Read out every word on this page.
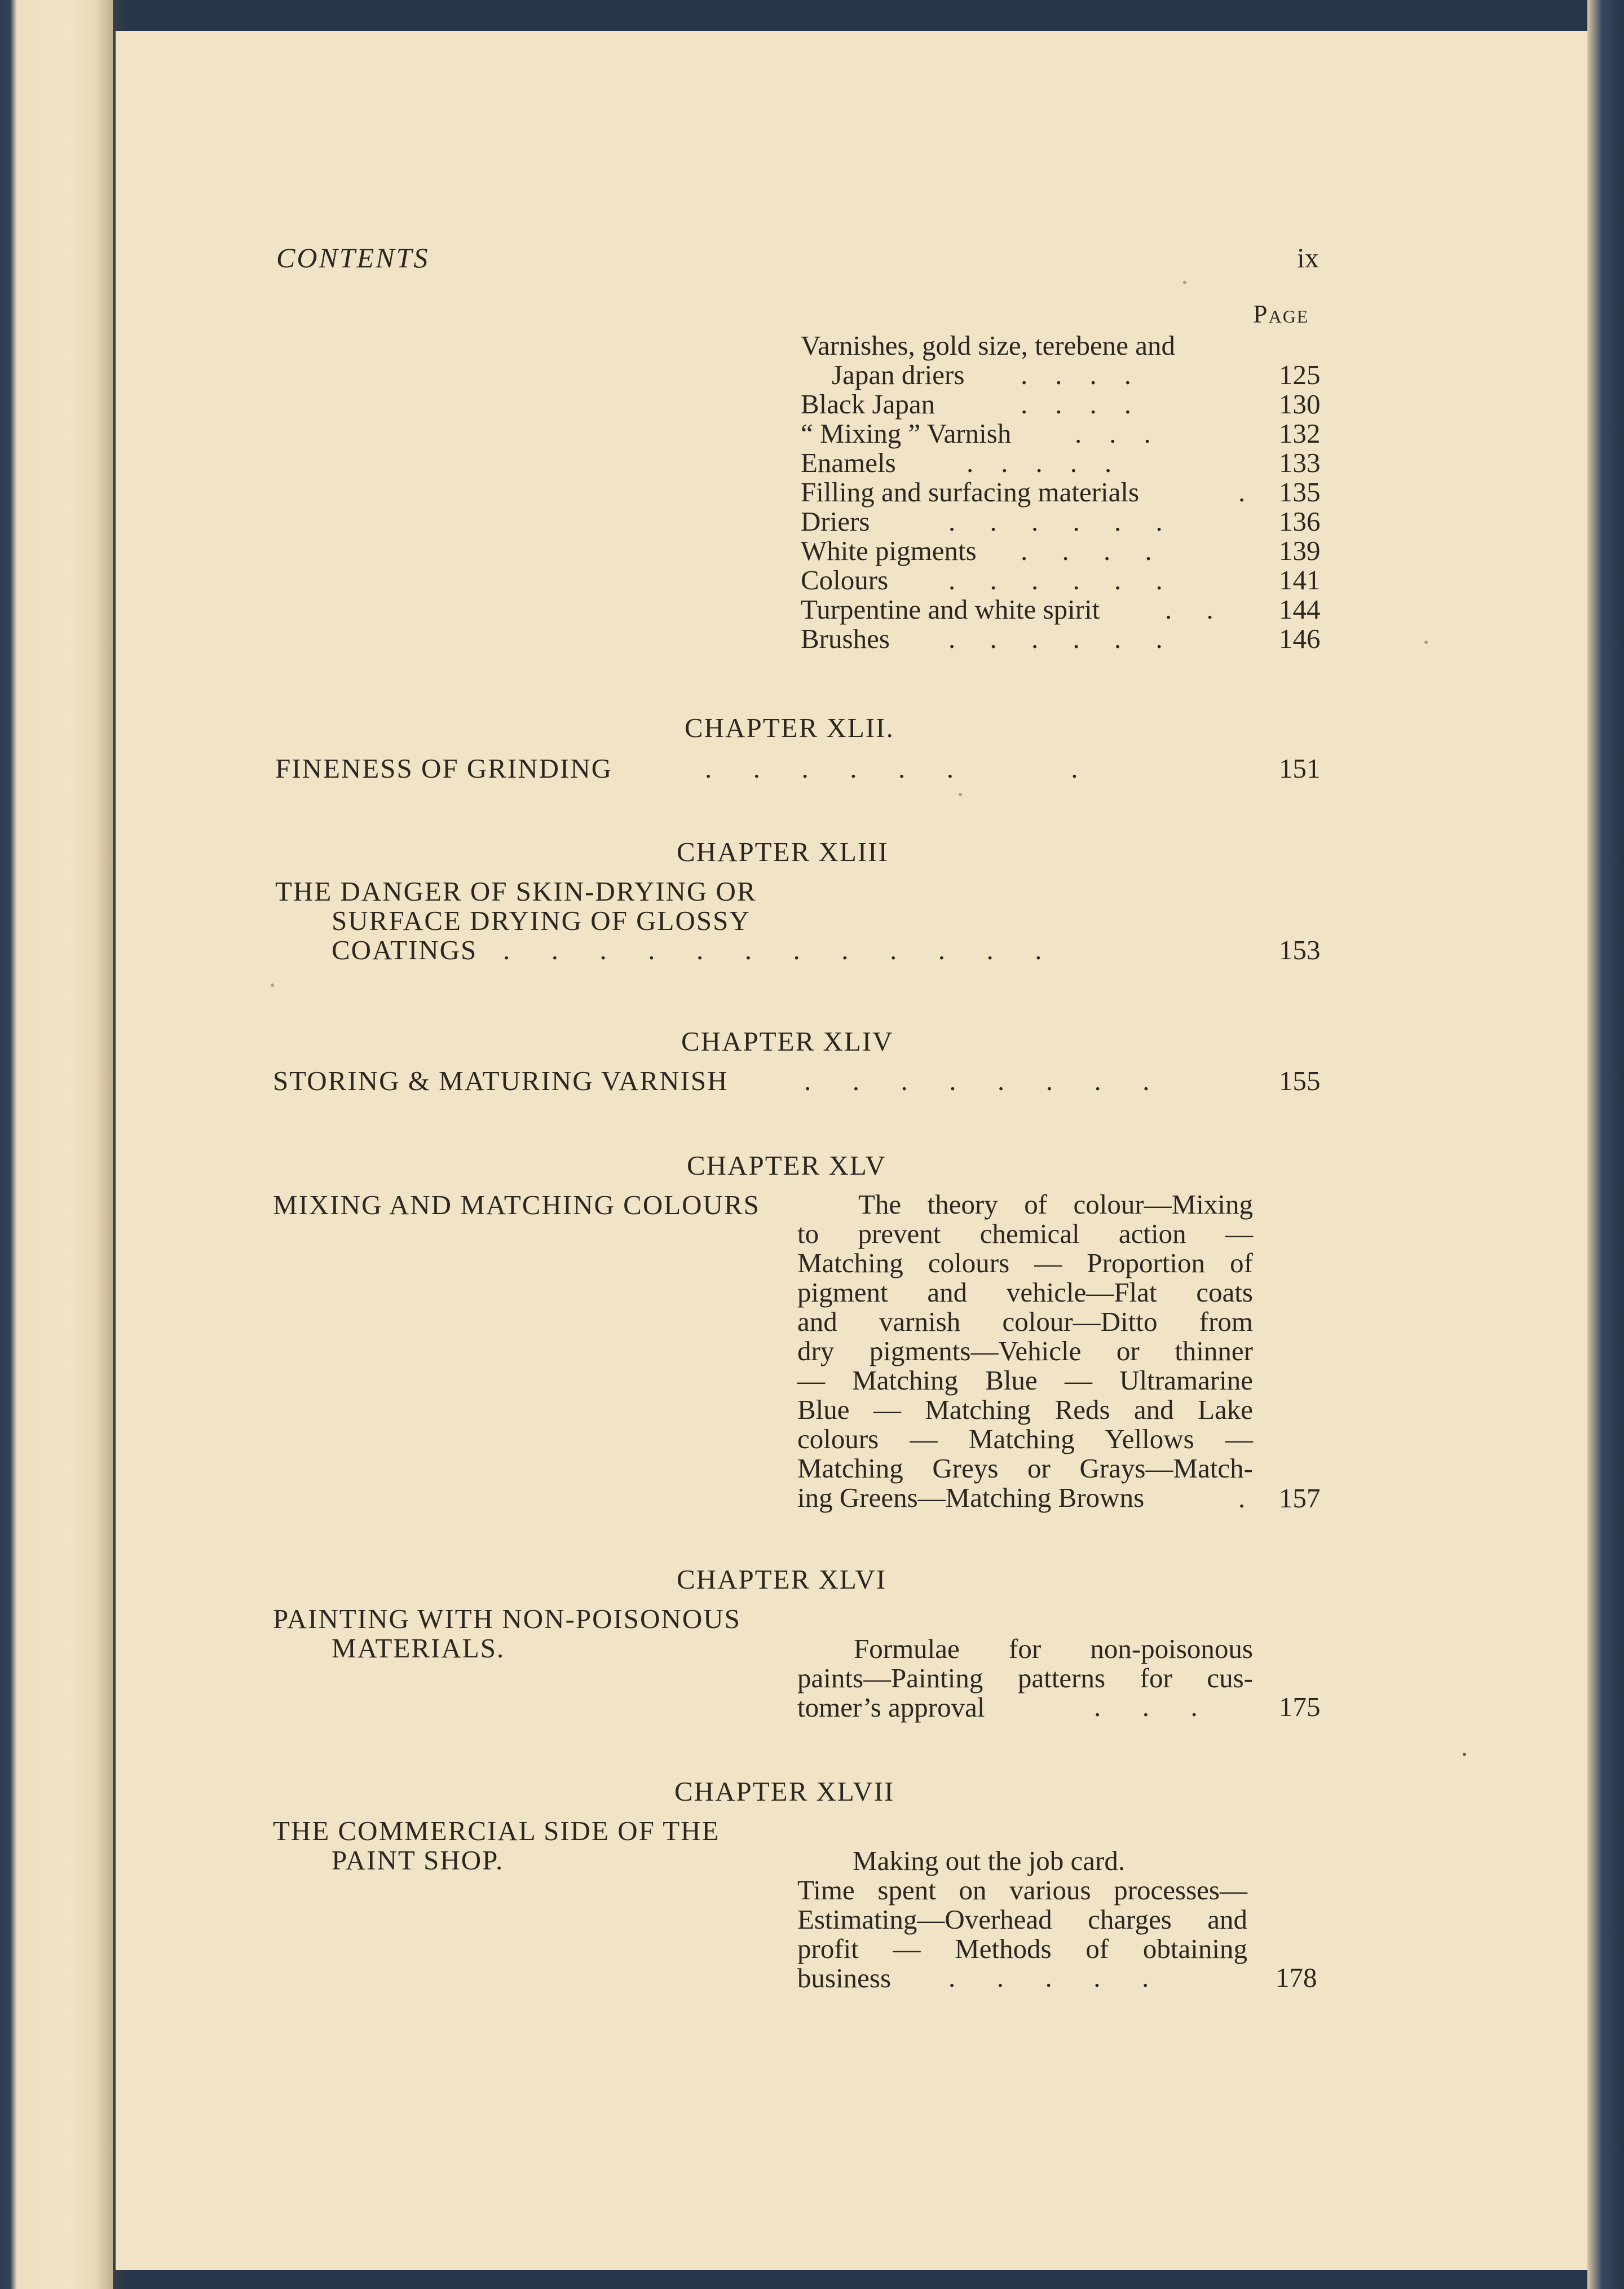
CONTENTS	ix
Page
Varnishes, gold size, terebene and
Japan driers .    .    .    .	125
Black Japan	.    .    .    .	130
“ Mixing ” Varnish .    .    .	132
Enamels	.    .    .    .    .	133
Filling and surfacing materials	. 135
Driers	.     .     .     .     .     .	136
White pigments .     .     .     .	139
Colours .     .     .     .     .     .	141
Turpentine and white spirit .     . 144
Brushes .     .     .     .     .     .	146
CHAPTER XLII.
FINENESS OF GRINDING	.      .      .      .      .      .                 .	151
CHAPTER XLIII
THE DANGER OF SKIN-DRYING OR
SURFACE DRYING OF GLOSSY
COATINGS .      .      .      .      .      .      .      .      .      .      .      .	153
CHAPTER XLIV
STORING & MATURING VARNISH	.      .      .      .      .      .      .      .	155
CHAPTER XLV
MIXING AND MATCHING COLOURS	The theory of colour—Mixing
to prevent chemical action —
Matching colours — Proportion of
pigment and vehicle—Flat coats
and varnish colour—Ditto from
dry pigments—Vehicle or thinner
— Matching Blue — Ultramarine
Blue — Matching Reds and Lake
colours — Matching Yellows —
Matching Greys or Grays—Match-
ing Greens—Matching Browns	. 157
CHAPTER XLVI
PAINTING WITH NON-POISONOUS
MATERIALS.	Formulae for non-poisonous
paints—Painting patterns for cus-
tomer’s approval	.      .      .	175
CHAPTER XLVII
THE COMMERCIAL SIDE OF THE
PAINT SHOP.	Making out the job card.
Time spent on various processes—
Estimating—Overhead charges and
profit — Methods of obtaining
business	.      .      .      .      .	178
